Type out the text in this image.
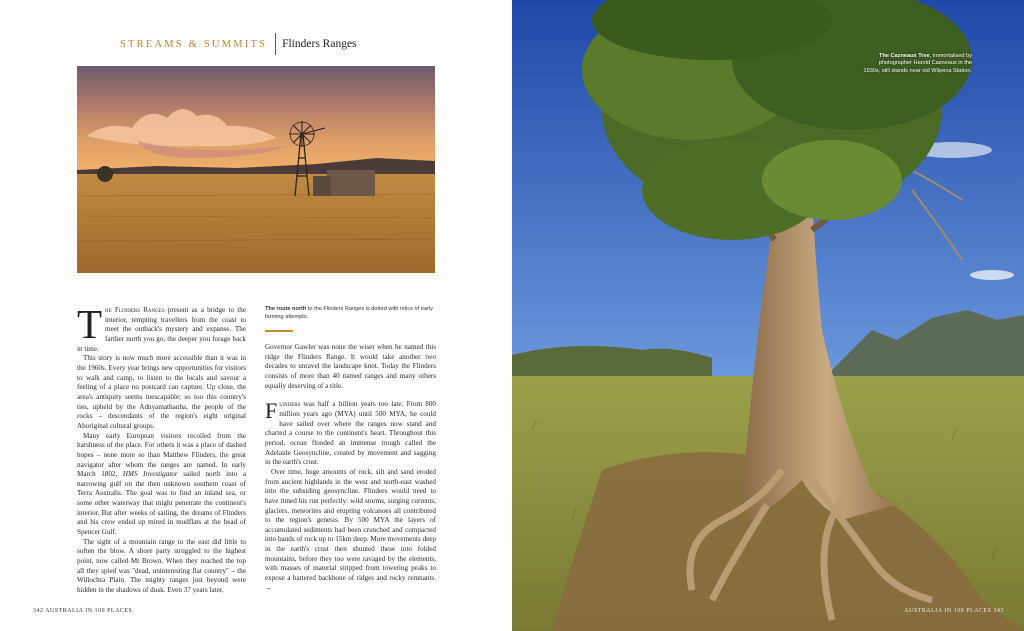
STREAMS & SUMMITS Flinders Ranges

The Flinders Ranges present as a bridge to the interior, tempting travellers from the coast to meet the outback's mystery and expanse. The farther north you go, the deeper you forage back in time.

This story is now much more accessible than it was in the 1960s. Every year brings new opportunities for visitors to walk and camp, to listen to the locals and savour a feeling of a place no postcard can capture. Up close, the area's antiquity seems inescapable; so too this country's ties, upheld by the Adnyamathanha, the people of the rocks – descendants of the region's eight original Aboriginal cultural groups.

Many early European visitors recoiled from the harshness of the place. For others it was a place of dashed hopes – none more so than Matthew Flinders, the great navigator after whom the ranges are named. In early March 1802, HMS Investigator sailed north into a narrowing gulf on the then unknown southern coast of Terra Australis. The goal was to find an inland sea, or some other waterway that might penetrate the continent's interior. But after weeks of sailing, the dreams of Flinders and his crew ended up mired in mudflats at the head of Spencer Gulf.

The sight of a mountain range to the east did little to soften the blow. A shore party struggled to the highest point, now called Mt Brown. When they reached the top all they spied was "dead, uninteresting flat country" – the Willochra Plain. The mighty ranges just beyond were hidden in the shadows of dusk. Even 37 years later,

The route north to the Flinders Ranges is dotted with relics of early farming attempts.

Governor Gawler was none the wiser when he named this ridge the Flinders Range. It would take another two decades to unravel the landscape knot. Today the Flinders consists of more than 40 named ranges and many others equally deserving of a title.

Flinders was half a billion years too late. From 800 million years ago (MYA) until 500 MYA, he could have sailed over where the ranges now stand and charted a course to the continent's heart. Throughout this period, ocean flooded an immense trough called the Adelaide Geosyncline, created by movement and sagging in the earth's crust.

Over time, huge amounts of rock, silt and sand eroded from ancient highlands in the west and north-east washed into the subsiding geosyncline. Flinders would need to have timed his run perfectly: wild storms, surging currents, glaciers, meteorites and erupting volcanoes all contributed to the region's genesis. By 500 MYA the layers of accumulated sediments had been crunched and compacted into bands of rock up to 15km deep. More movements deep in the earth's crust then shunted these into folded mountains, before they too were ravaged by the elements, with masses of material stripped from towering peaks to expose a battered backbone of ridges and rocky remnants. →

342 AUSTRALIA IN 100 PLACES
The Cazneaux Tree, immortalised by photographer Harold Cazneaux in the 1930s, still stands near old Wilpena Station.
AUSTRALIA IN 100 PLACES 343
